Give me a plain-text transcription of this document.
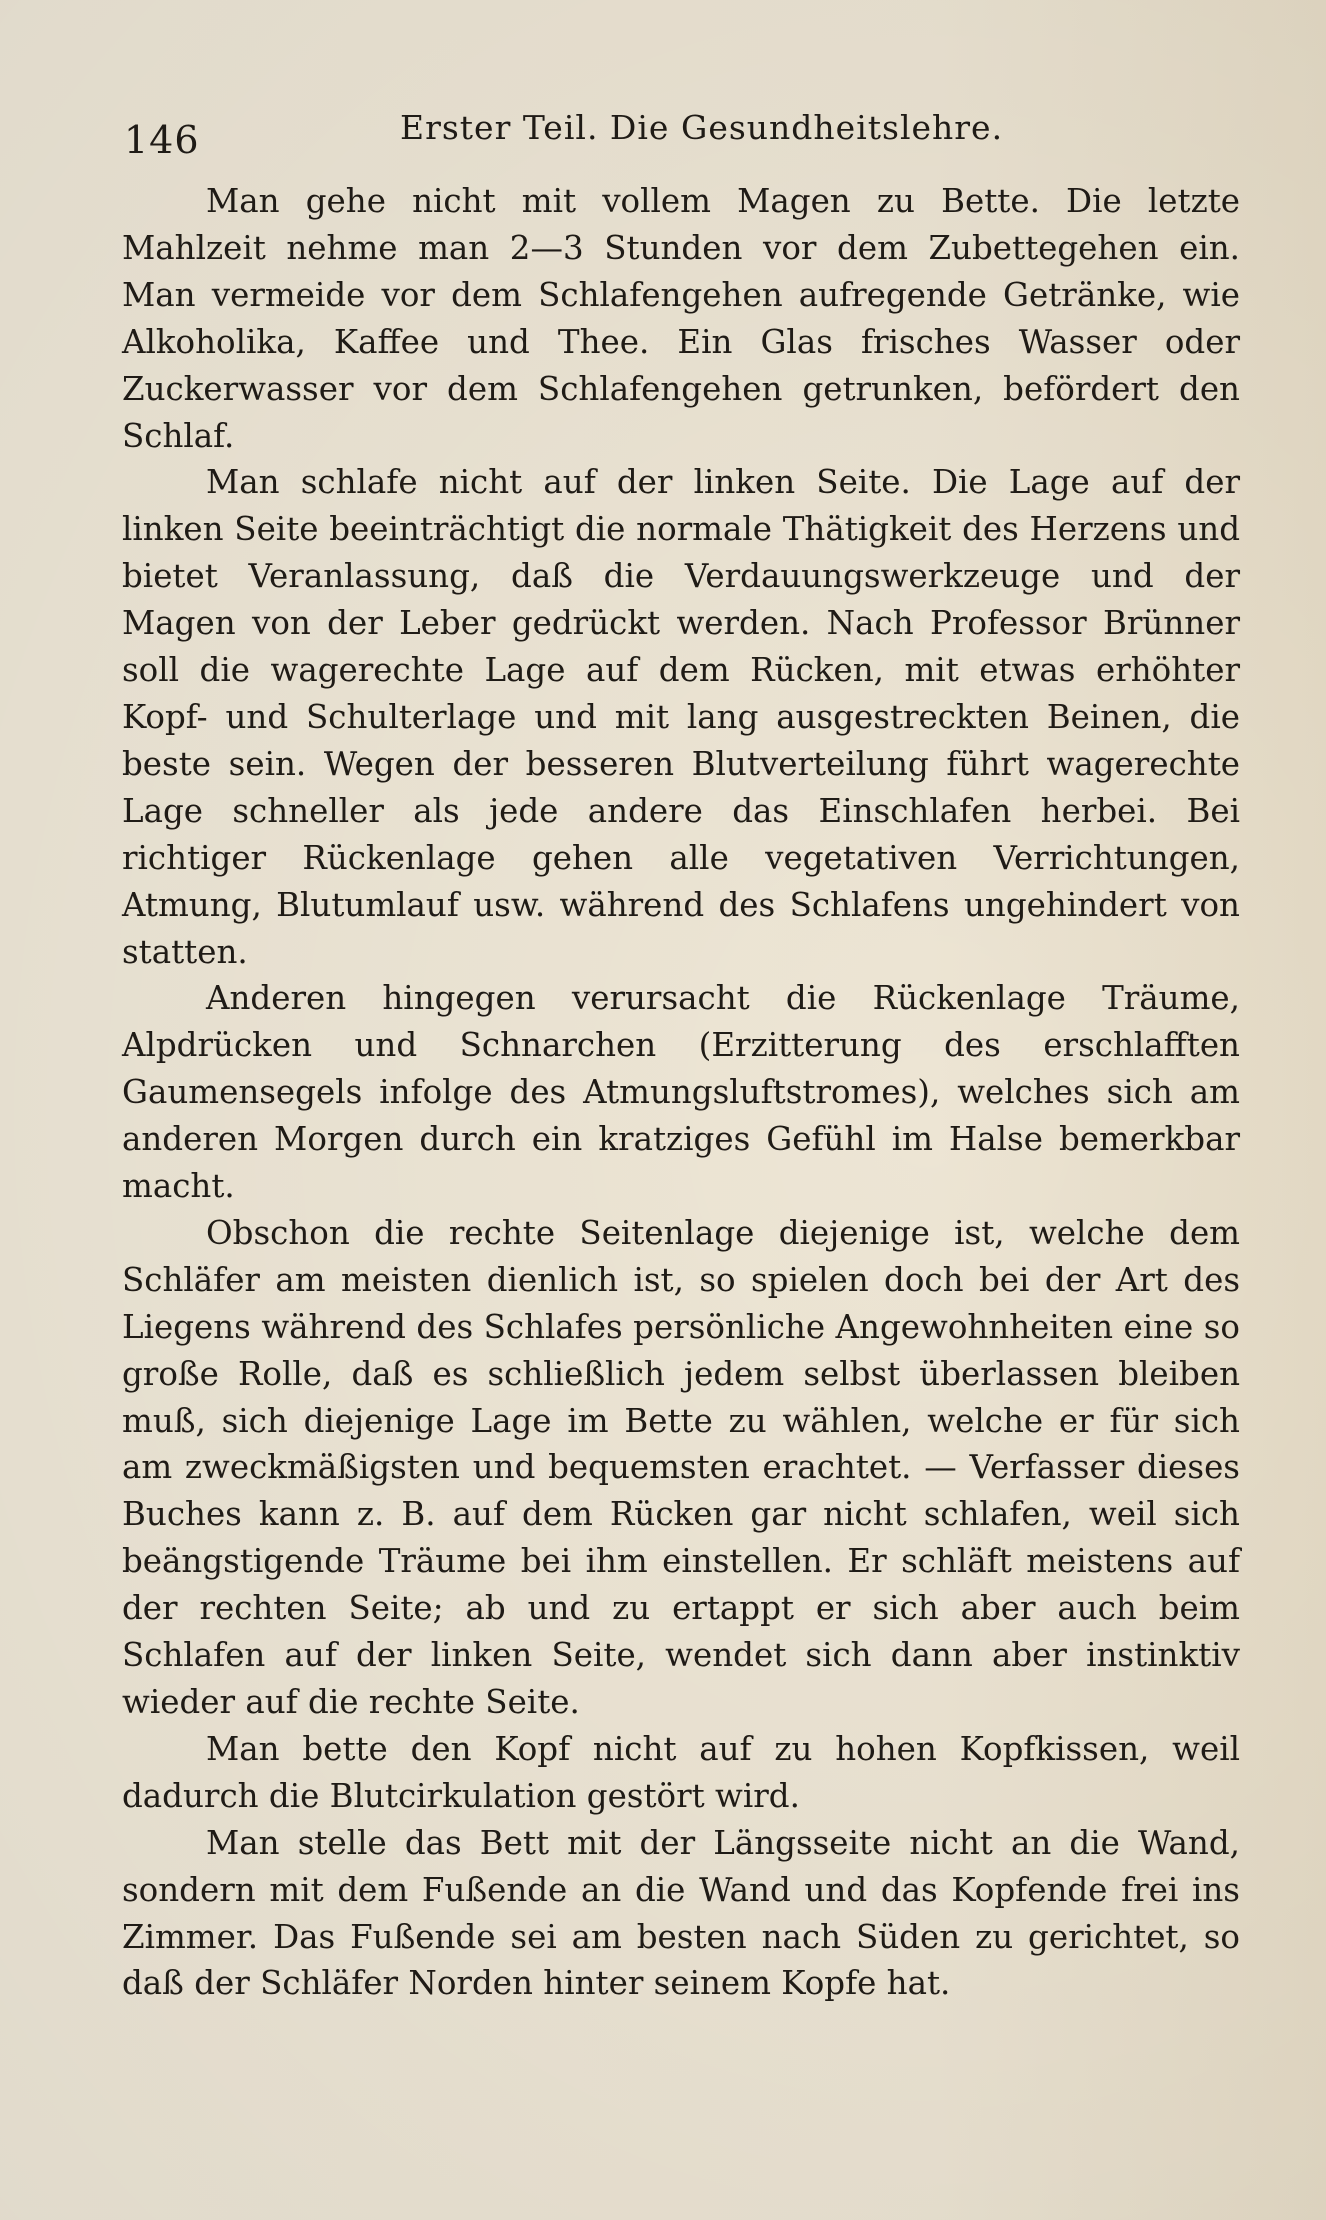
146	Erster Teil. Die Gesundheitslehre.

Man gehe nicht mit vollem Magen zu Bette. Die letzte Mahlzeit nehme man 2—3 Stunden vor dem Zubettegehen ein. Man vermeide vor dem Schlafengehen aufregende Getränke, wie Alkoholika, Kaffee und Thee. Ein Glas frisches Wasser oder Zuckerwasser vor dem Schlafengehen getrunken, befördert den Schlaf.

Man schlafe nicht auf der linken Seite. Die Lage auf der linken Seite beeinträchtigt die normale Thätigkeit des Herzens und bietet Veranlassung, daß die Verdauungswerkzeuge und der Magen von der Leber gedrückt werden. Nach Professor Brünner soll die wagerechte Lage auf dem Rücken, mit etwas erhöhter Kopf- und Schulterlage und mit lang ausgestreckten Beinen, die beste sein. Wegen der besseren Blutverteilung führt wagerechte Lage schneller als jede andere das Einschlafen herbei. Bei richtiger Rückenlage gehen alle vegetativen Verrichtungen, Atmung, Blutumlauf usw. während des Schlafens ungehindert von statten.

Anderen hingegen verursacht die Rückenlage Träume, Alpdrücken und Schnarchen (Erzitterung des erschlafften Gaumensegels infolge des Atmungsluftstromes), welches sich am anderen Morgen durch ein kratziges Gefühl im Halse bemerkbar macht.

Obschon die rechte Seitenlage diejenige ist, welche dem Schläfer am meisten dienlich ist, so spielen doch bei der Art des Liegens während des Schlafes persönliche Angewohnheiten eine so große Rolle, daß es schließlich jedem selbst überlassen bleiben muß, sich diejenige Lage im Bette zu wählen, welche er für sich am zweckmäßigsten und bequemsten erachtet. — Verfasser dieses Buches kann z. B. auf dem Rücken gar nicht schlafen, weil sich beängstigende Träume bei ihm einstellen. Er schläft meistens auf der rechten Seite; ab und zu ertappt er sich aber auch beim Schlafen auf der linken Seite, wendet sich dann aber instinktiv wieder auf die rechte Seite.

Man bette den Kopf nicht auf zu hohen Kopfkissen, weil dadurch die Blutcirkulation gestört wird.

Man stelle das Bett mit der Längsseite nicht an die Wand, sondern mit dem Fußende an die Wand und das Kopfende frei ins Zimmer. Das Fußende sei am besten nach Süden zu gerichtet, so daß der Schläfer Norden hinter seinem Kopfe hat.
